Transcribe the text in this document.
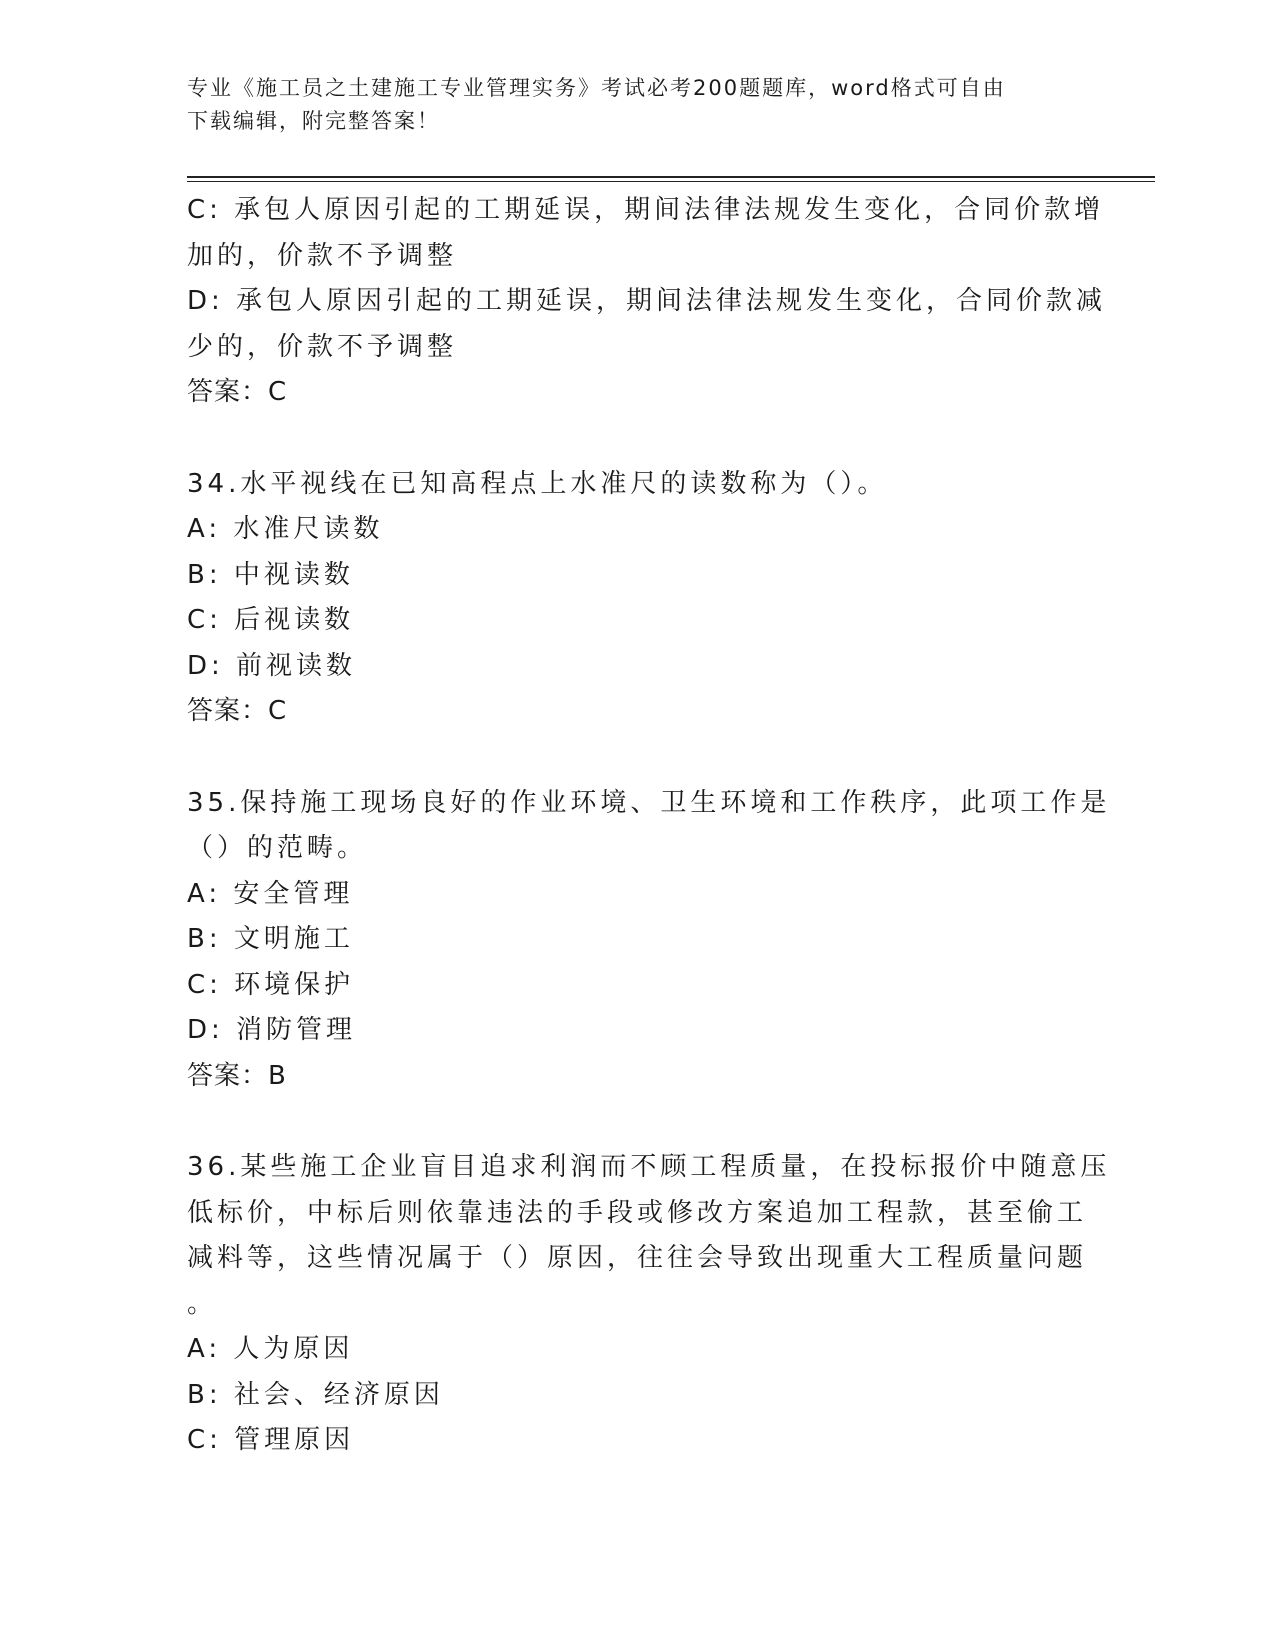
专业《施工员之土建施工专业管理实务》考试必考200题题库，word格式可自由
下载编辑，附完整答案！
C: 承包人原因引起的工期延误，期间法律法规发生变化，合同价款增
加的，价款不予调整
D: 承包人原因引起的工期延误，期间法律法规发生变化，合同价款减
少的，价款不予调整
答案：C
34.水平视线在已知高程点上水准尺的读数称为（）。
A: 水准尺读数
B: 中视读数
C: 后视读数
D: 前视读数
答案：C
35.保持施工现场良好的作业环境、卫生环境和工作秩序，此项工作是
（）的范畴。
A: 安全管理
B: 文明施工
C: 环境保护
D: 消防管理
答案：B
36.某些施工企业盲目追求利润而不顾工程质量，在投标报价中随意压
低标价，中标后则依靠违法的手段或修改方案追加工程款，甚至偷工
减料等，这些情况属于（）原因，往往会导致出现重大工程质量问题
。
A: 人为原因
B: 社会、经济原因
C: 管理原因
